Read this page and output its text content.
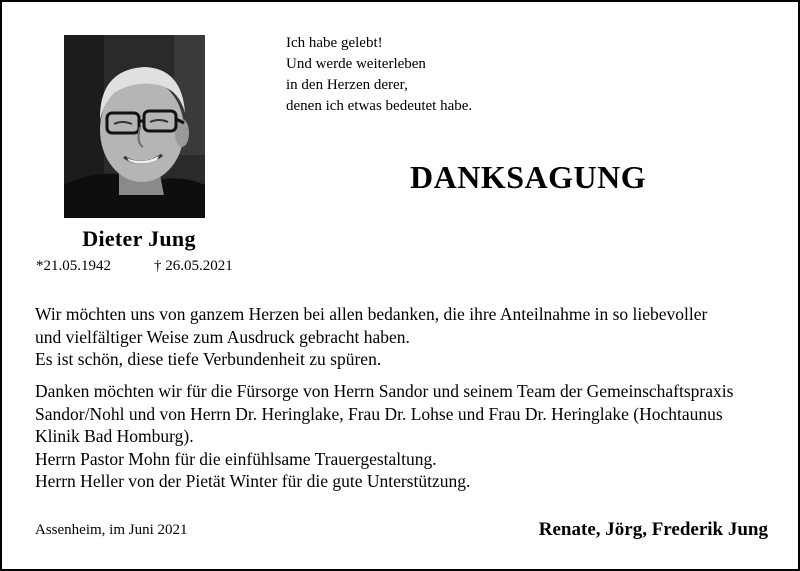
Dieter Jung
*21.05.1942	† 26.05.2021
Ich habe gelebt!
Und werde weiterleben
in den Herzen derer,
denen ich etwas bedeutet habe.
DANKSAGUNG
Wir möchten uns von ganzem Herzen bei allen bedanken, die ihre Anteilnahme in so liebevoller
und vielfältiger Weise zum Ausdruck gebracht haben.
Es ist schön, diese tiefe Verbundenheit zu spüren.
Danken möchten wir für die Fürsorge von Herrn Sandor und seinem Team der Gemeinschaftspraxis
Sandor/Nohl und von Herrn Dr. Heringlake, Frau Dr. Lohse und Frau Dr. Heringlake (Hochtaunus
Klinik Bad Homburg).
Herrn Pastor Mohn für die einfühlsame Trauergestaltung.
Herrn Heller von der Pietät Winter für die gute Unterstützung.
Assenheim, im Juni 2021	Renate, Jörg, Frederik Jung
